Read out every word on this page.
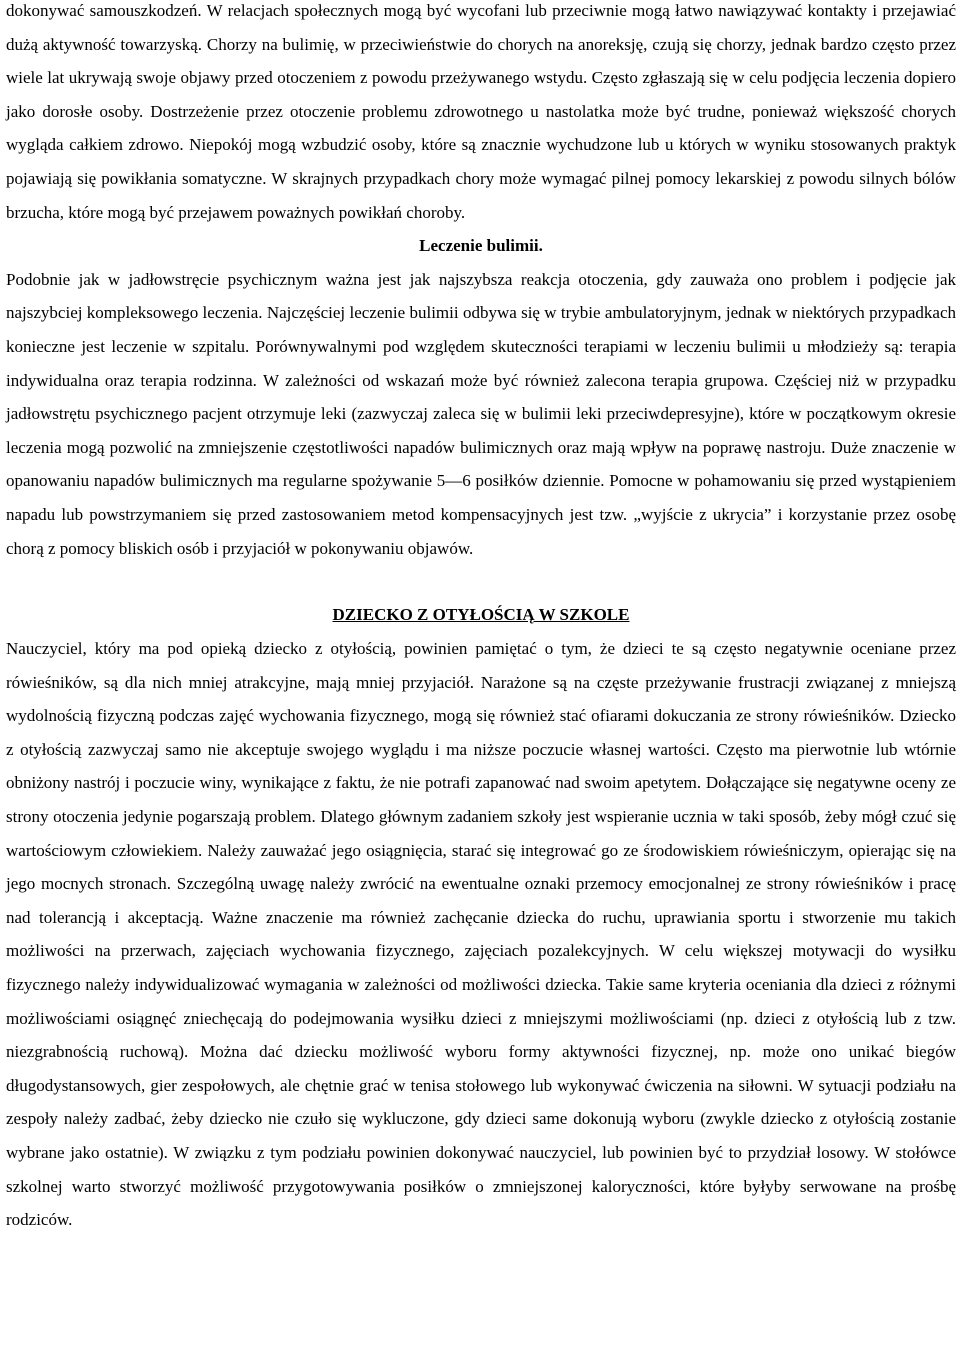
dokonywać samouszkodzeń. W relacjach społecznych mogą być wycofani lub przeciwnie mogą łatwo nawiązywać kontakty i przejawiać dużą aktywność towarzyską. Chorzy na bulimię, w przeciwieństwie do chorych na anoreksję, czują się chorzy, jednak bardzo często przez wiele lat ukrywają swoje objawy przed otoczeniem z powodu przeżywanego wstydu. Często zgłaszają się w celu podjęcia leczenia dopiero jako dorosłe osoby. Dostrzeżenie przez otoczenie problemu zdrowotnego u nastolatka może być trudne, ponieważ większość chorych wygląda całkiem zdrowo. Niepokój mogą wzbudzić osoby, które są znacznie wychudzone lub u których w wyniku stosowanych praktyk pojawiają się powikłania somatyczne. W skrajnych przypadkach chory może wymagać pilnej pomocy lekarskiej z powodu silnych bólów brzucha, które mogą być przejawem poważnych powikłań choroby.

Leczenie bulimii.

Podobnie jak w jadłowstręcie psychicznym ważna jest jak najszybsza reakcja otoczenia, gdy zauważa ono problem i podjęcie jak najszybciej kompleksowego leczenia. Najczęściej leczenie bulimii odbywa się w trybie ambulatoryjnym, jednak w niektórych przypadkach konieczne jest leczenie w szpitalu. Porównywalnymi pod względem skuteczności terapiami w leczeniu bulimii u młodzieży są: terapia indywidualna oraz terapia rodzinna. W zależności od wskazań może być również zalecona terapia grupowa. Częściej niż w przypadku jadłowstrętu psychicznego pacjent otrzymuje leki (zazwyczaj zaleca się w bulimii leki przeciwdepresyjne), które w początkowym okresie leczenia mogą pozwolić na zmniejszenie częstotliwości napadów bulimicznych oraz mają wpływ na poprawę nastroju. Duże znaczenie w opanowaniu napadów bulimicznych ma regularne spożywanie 5—6 posiłków dziennie. Pomocne w pohamowaniu się przed wystąpieniem napadu lub powstrzymaniem się przed zastosowaniem metod kompensacyjnych jest tzw. „wyjście z ukrycia” i korzystanie przez osobę chorą z pomocy bliskich osób i przyjaciół w pokonywaniu objawów.

DZIECKO Z OTYŁOŚCIĄ W SZKOLE

Nauczyciel, który ma pod opieką dziecko z otyłością, powinien pamiętać o tym, że dzieci te są często negatywnie oceniane przez rówieśników, są dla nich mniej atrakcyjne, mają mniej przyjaciół. Narażone są na częste przeżywanie frustracji związanej z mniejszą wydolnością fizyczną podczas zajęć wychowania fizycznego, mogą się również stać ofiarami dokuczania ze strony rówieśników. Dziecko z otyłością zazwyczaj samo nie akceptuje swojego wyglądu i ma niższe poczucie własnej wartości. Często ma pierwotnie lub wtórnie obniżony nastrój i poczucie winy, wynikające z faktu, że nie potrafi zapanować nad swoim apetytem. Dołączające się negatywne oceny ze strony otoczenia jedynie pogarszają problem. Dlatego głównym zadaniem szkoły jest wspieranie ucznia w taki sposób, żeby mógł czuć się wartościowym człowiekiem. Należy zauważać jego osiągnięcia, starać się integrować go ze środowiskiem rówieśniczym, opierając się na jego mocnych stronach. Szczególną uwagę należy zwrócić na ewentualne oznaki przemocy emocjonalnej ze strony rówieśników i pracę nad tolerancją i akceptacją. Ważne znaczenie ma również zachęcanie dziecka do ruchu, uprawiania sportu i stworzenie mu takich możliwości na przerwach, zajęciach wychowania fizycznego, zajęciach pozalekcyjnych. W celu większej motywacji do wysiłku fizycznego należy indywidualizować wymagania w zależności od możliwości dziecka. Takie same kryteria oceniania dla dzieci z różnymi możliwościami osiągnęć zniechęcają do podejmowania wysiłku dzieci z mniejszymi możliwościami (np. dzieci z otyłością lub z tzw. niezgrabnością ruchową). Można dać dziecku możliwość wyboru formy aktywności fizycznej, np. może ono unikać biegów długodystansowych, gier zespołowych, ale chętnie grać w tenisa stołowego lub wykonywać ćwiczenia na siłowni. W sytuacji podziału na zespoły należy zadbać, żeby dziecko nie czuło się wykluczone, gdy dzieci same dokonują wyboru (zwykle dziecko z otyłością zostanie wybrane jako ostatnie). W związku z tym podziału powinien dokonywać nauczyciel, lub powinien być to przydział losowy. W stołówce szkolnej warto stworzyć możliwość przygotowywania posiłków o zmniejszonej kaloryczności, które byłyby serwowane na prośbę rodziców.
